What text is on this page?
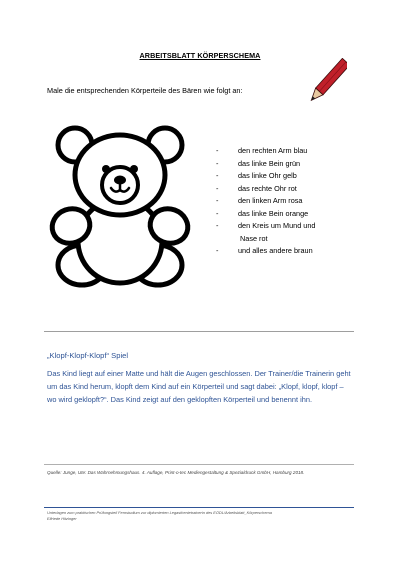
ARBEITSBLATT KÖRPERSCHEMA
Male die entsprechenden Körperteile des Bären wie folgt an:
-	den rechten Arm blau
-	das linke Bein grün
-	das linke Ohr gelb
-	das rechte Ohr rot
-	den linken Arm rosa
-	das linke Bein orange
-	den Kreis um Mund und
Nase rot
-	und alles andere braun
„Klopf-Klopf-Klopf“ Spiel

Das Kind liegt auf einer Matte und hält die Augen geschlossen. Der Trainer/die Trainerin geht um das Kind herum, klopft dem Kind auf ein Körperteil und sagt dabei: „Klopf, klopf, klopf – wo wird geklopft?“. Das Kind zeigt auf den geklopften Körperteil und benennt ihn.

Quelle: Junge, Ute: Das Wahrnehmungshaus. 4. Auflage, Print-o-tec Mediengestaltung & Spezialdruck GmbH, Hamburg 2018.

Unterlagen zum praktischen Prüfungsteil Fernstudium zur diplomierten Legasthenietrainerin des EÖDL/Arbeitsblatt_Körperschema
Elfriede Hitzinger
